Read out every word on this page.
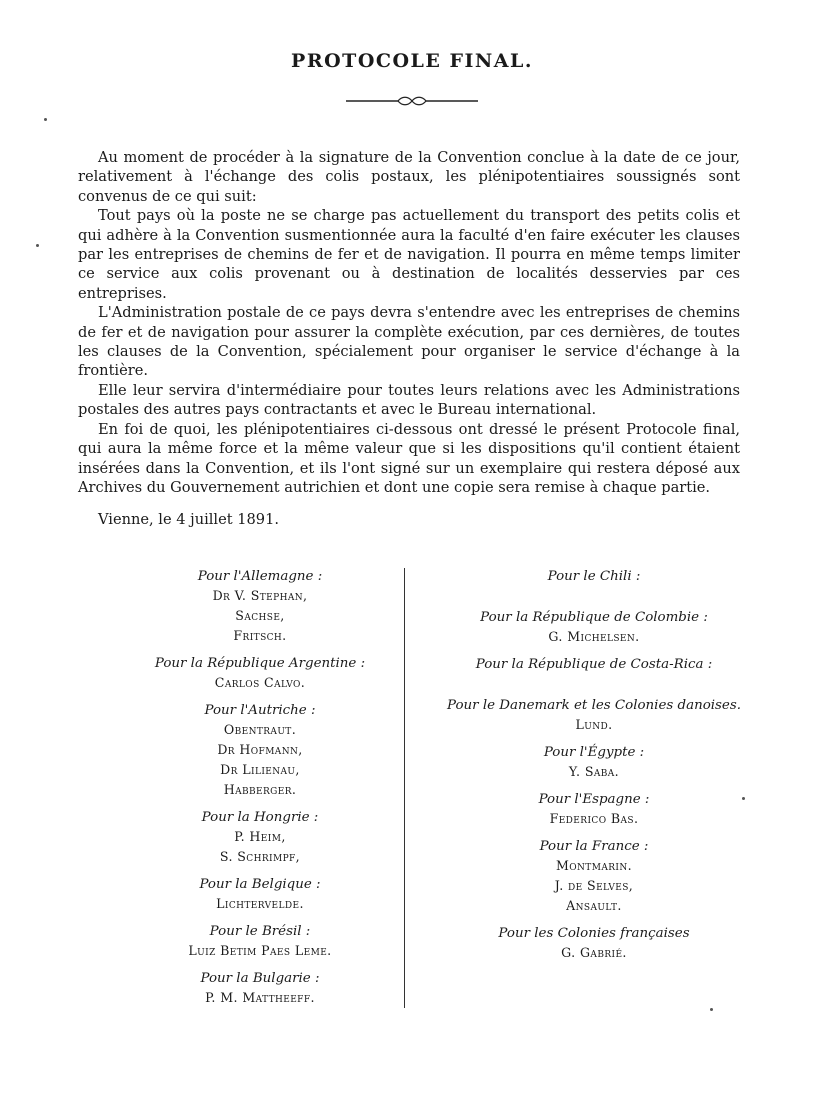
PROTOCOLE FINAL.

Au moment de procéder à la signature de la Convention conclue à la date de ce jour, relativement à l'échange des colis postaux, les plénipotentiaires soussignés sont convenus de ce qui suit:

Tout pays où la poste ne se charge pas actuellement du transport des petits colis et qui adhère à la Convention susmentionnée aura la faculté d'en faire exécuter les clauses par les entreprises de chemins de fer et de navigation. Il pourra en même temps limiter ce service aux colis provenant ou à destination de localités desservies par ces entreprises.

L'Administration postale de ce pays devra s'entendre avec les entreprises de chemins de fer et de navigation pour assurer la complète exécution, par ces dernières, de toutes les clauses de la Convention, spécialement pour organiser le service d'échange à la frontière.

Elle leur servira d'intermédiaire pour toutes leurs relations avec les Administrations postales des autres pays contractants et avec le Bureau international.

En foi de quoi, les plénipotentiaires ci-dessous ont dressé le présent Protocole final, qui aura la même force et la même valeur que si les dispositions qu'il contient étaient insérées dans la Convention, et ils l'ont signé sur un exemplaire qui restera déposé aux Archives du Gouvernement autrichien et dont une copie sera remise à chaque partie.

Vienne, le 4 juillet 1891.
Pour l'Allemagne :
Dr V. Stephan,
Sachse,
Fritsch.
Pour la République Argentine :
Carlos Calvo.
Pour l'Autriche :
Obentraut.
Dr Hofmann,
Dr Lilienau,
Habberger.
Pour la Hongrie :
P. Heim,
S. Schrimpf,
Pour la Belgique :
Lichtervelde.
Pour le Brésil :
Luiz Betim Paes Leme.
Pour la Bulgarie :
P. M. Mattheeff.
Pour le Chili :
Pour la République de Colombie :
G. Michelsen.
Pour la République de Costa-Rica :
Pour le Danemark et les Colonies danoises.
Lund.
Pour l'Égypte :
Y. Saba.
Pour l'Espagne :
Federico Bas.
Pour la France :
Montmarin.
J. de Selves,
Ansault.
Pour les Colonies françaises
G. Gabrié.
